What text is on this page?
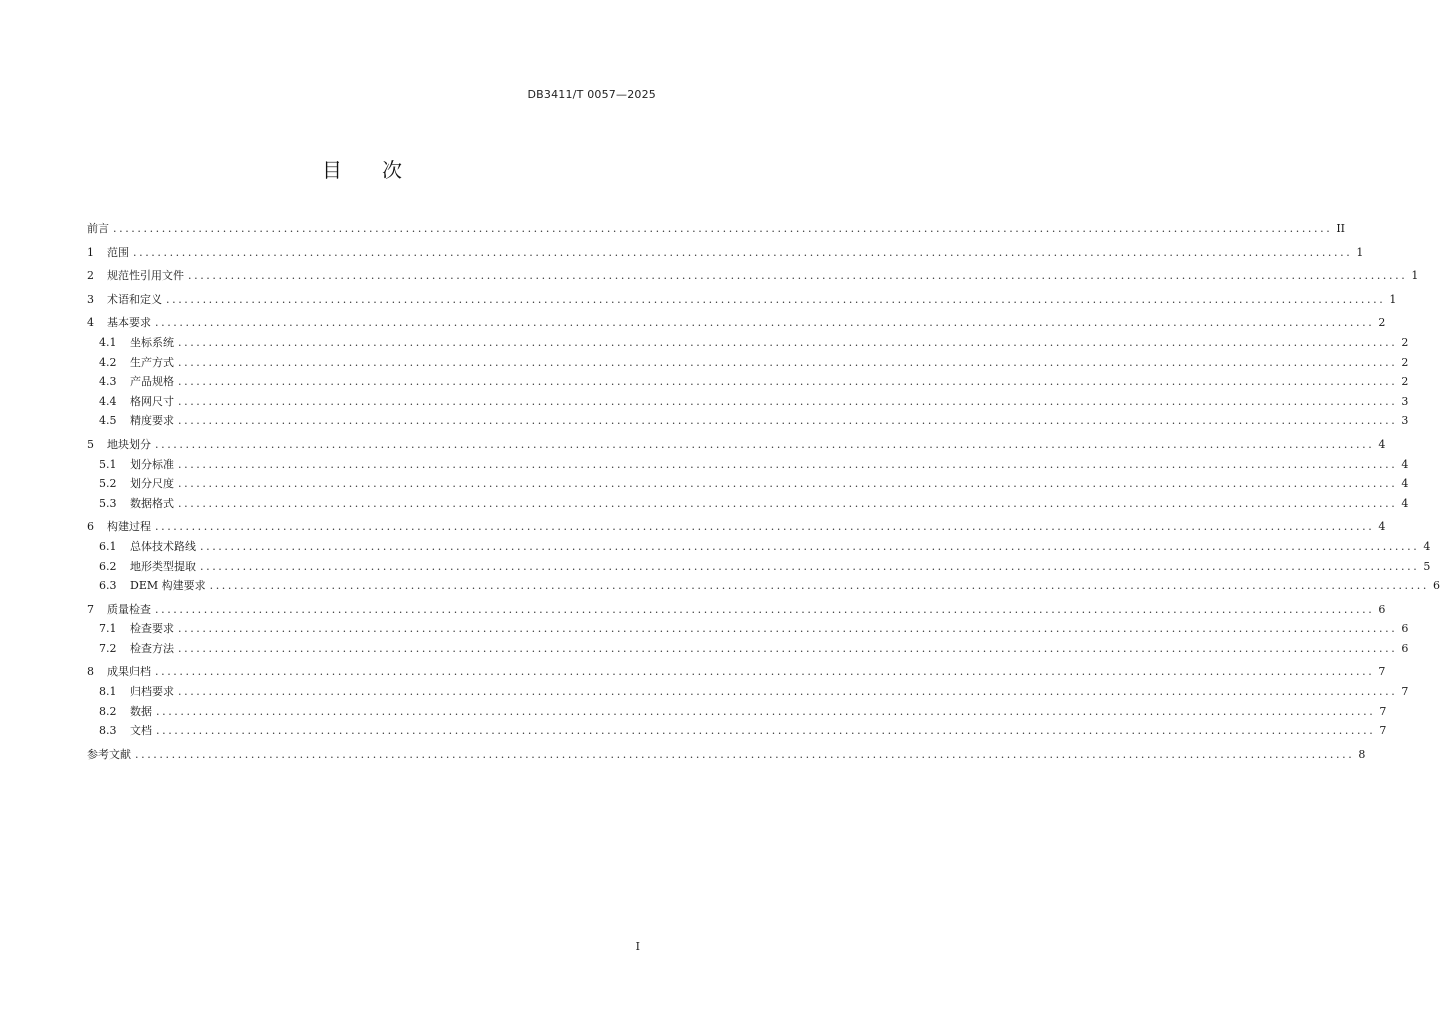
DB3411/T 0057—2025
目 次
前言 ........................................................................................................................................................................................................ II
1	范围 ........................................................................................................................................................................................................ 1
2	规范性引用文件 ........................................................................................................................................................................................................ 1
3	术语和定义 ........................................................................................................................................................................................................ 1
4	基本要求 ........................................................................................................................................................................................................ 2
4.1	坐标系统 ........................................................................................................................................................................................................ 2
4.2	生产方式 ........................................................................................................................................................................................................ 2
4.3	产品规格 ........................................................................................................................................................................................................ 2
4.4	格网尺寸 ........................................................................................................................................................................................................ 3
4.5	精度要求 ........................................................................................................................................................................................................ 3
5	地块划分 ........................................................................................................................................................................................................ 4
5.1	划分标准 ........................................................................................................................................................................................................ 4
5.2	划分尺度 ........................................................................................................................................................................................................ 4
5.3	数据格式 ........................................................................................................................................................................................................ 4
6	构建过程 ........................................................................................................................................................................................................ 4
6.1	总体技术路线 ........................................................................................................................................................................................................ 4
6.2	地形类型提取 ........................................................................................................................................................................................................ 5
6.3	DEM 构建要求 ........................................................................................................................................................................................................ 6
7	质量检查 ........................................................................................................................................................................................................ 6
7.1	检查要求 ........................................................................................................................................................................................................ 6
7.2	检查方法 ........................................................................................................................................................................................................ 6
8	成果归档 ........................................................................................................................................................................................................ 7
8.1	归档要求 ........................................................................................................................................................................................................ 7
8.2	数据 ........................................................................................................................................................................................................ 7
8.3	文档 ........................................................................................................................................................................................................ 7
参考文献 ........................................................................................................................................................................................................ 8
I
